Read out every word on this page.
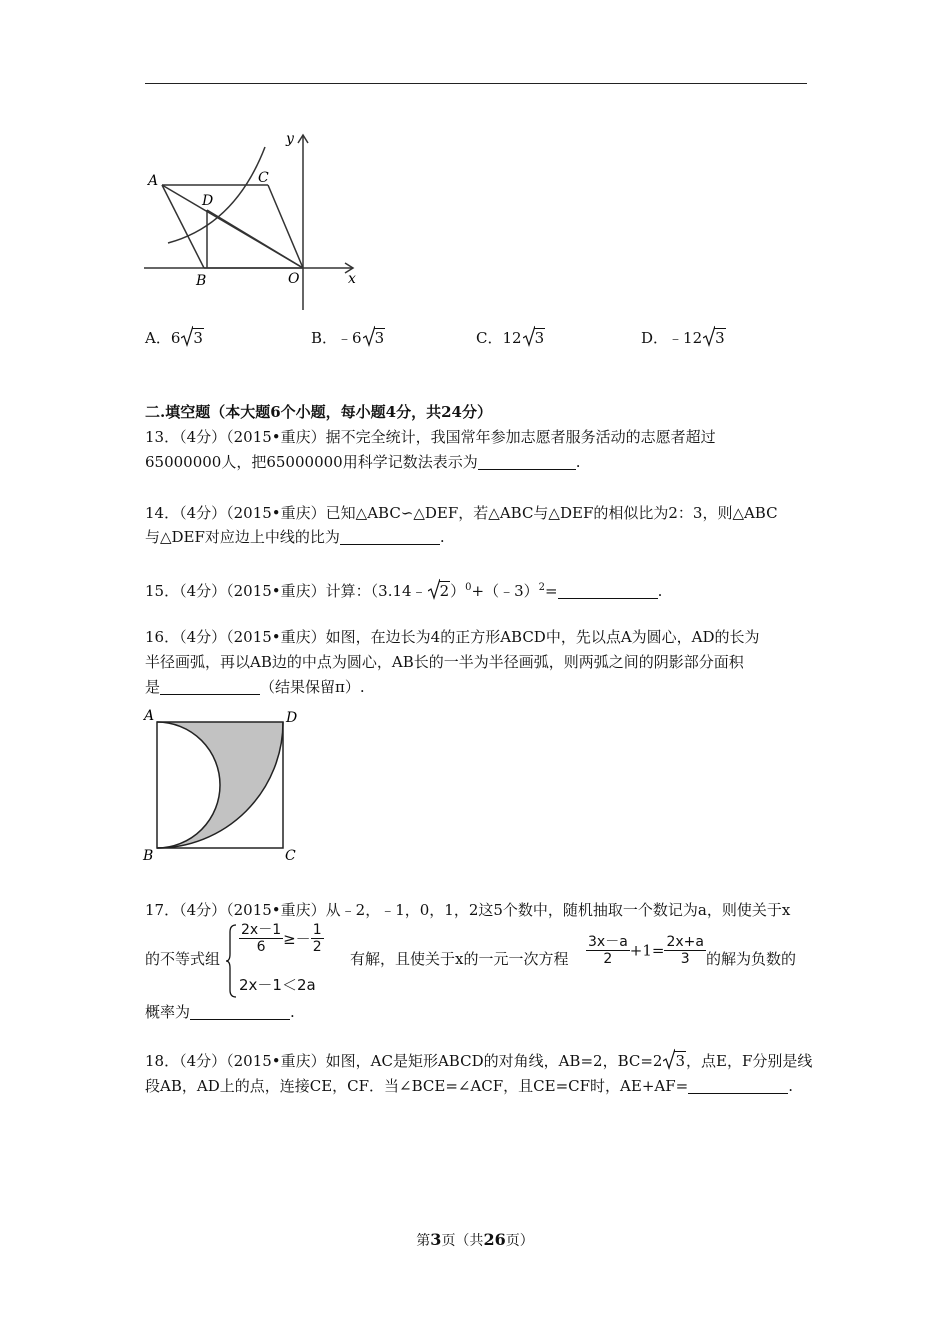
y
x
A	C
D
B	O
A．6 3	B．﹣6 3	C．12 3	D．﹣12 3
二.填空题（本大题6个小题，每小题4分，共24分）
13．（4分）（2015•重庆）据不完全统计，我国常年参加志愿者服务活动的志愿者超过
65000000人，把65000000用科学记数法表示为	.
14．（4分）（2015•重庆）已知△ABC∽△DEF，若△ABC与△DEF的相似比为2：3，则△ABC
与△DEF对应边上中线的比为	.
15．（4分）（2015•重庆）计算：（3.14﹣ 2）$^0$+（﹣3）$^2$=	.
16．（4分）（2015•重庆）如图，在边长为4的正方形ABCD中，先以点A为圆心，AD的长为
半径画弧，再以AB边的中点为圆心，AB长的一半为半径画弧，则两弧之间的阴影部分面积
是	（结果保留π）.
A	D
B	C
17．（4分）（2015•重庆）从﹣2，﹣1，0，1，2这5个数中，随机抽取一个数记为a，则使关于x
的不等式组
$\frac{2x-1}{6} \ge- \frac{1}{2}$
2x－1＜2a
有解，且使关于x的一元一次方程 $\frac{3x-a}{2} +1= \frac{2x+a}{3}$ 的解为负数的
概率为	.
18．（4分）（2015•重庆）如图，AC是矩形ABCD的对角线，AB=2，BC=2 3，点E，F分别是线
段AB，AD上的点，连接CE，CF．当∠BCE=∠ACF，且CE=CF时，AE+AF=	.
第3页（共26页）
